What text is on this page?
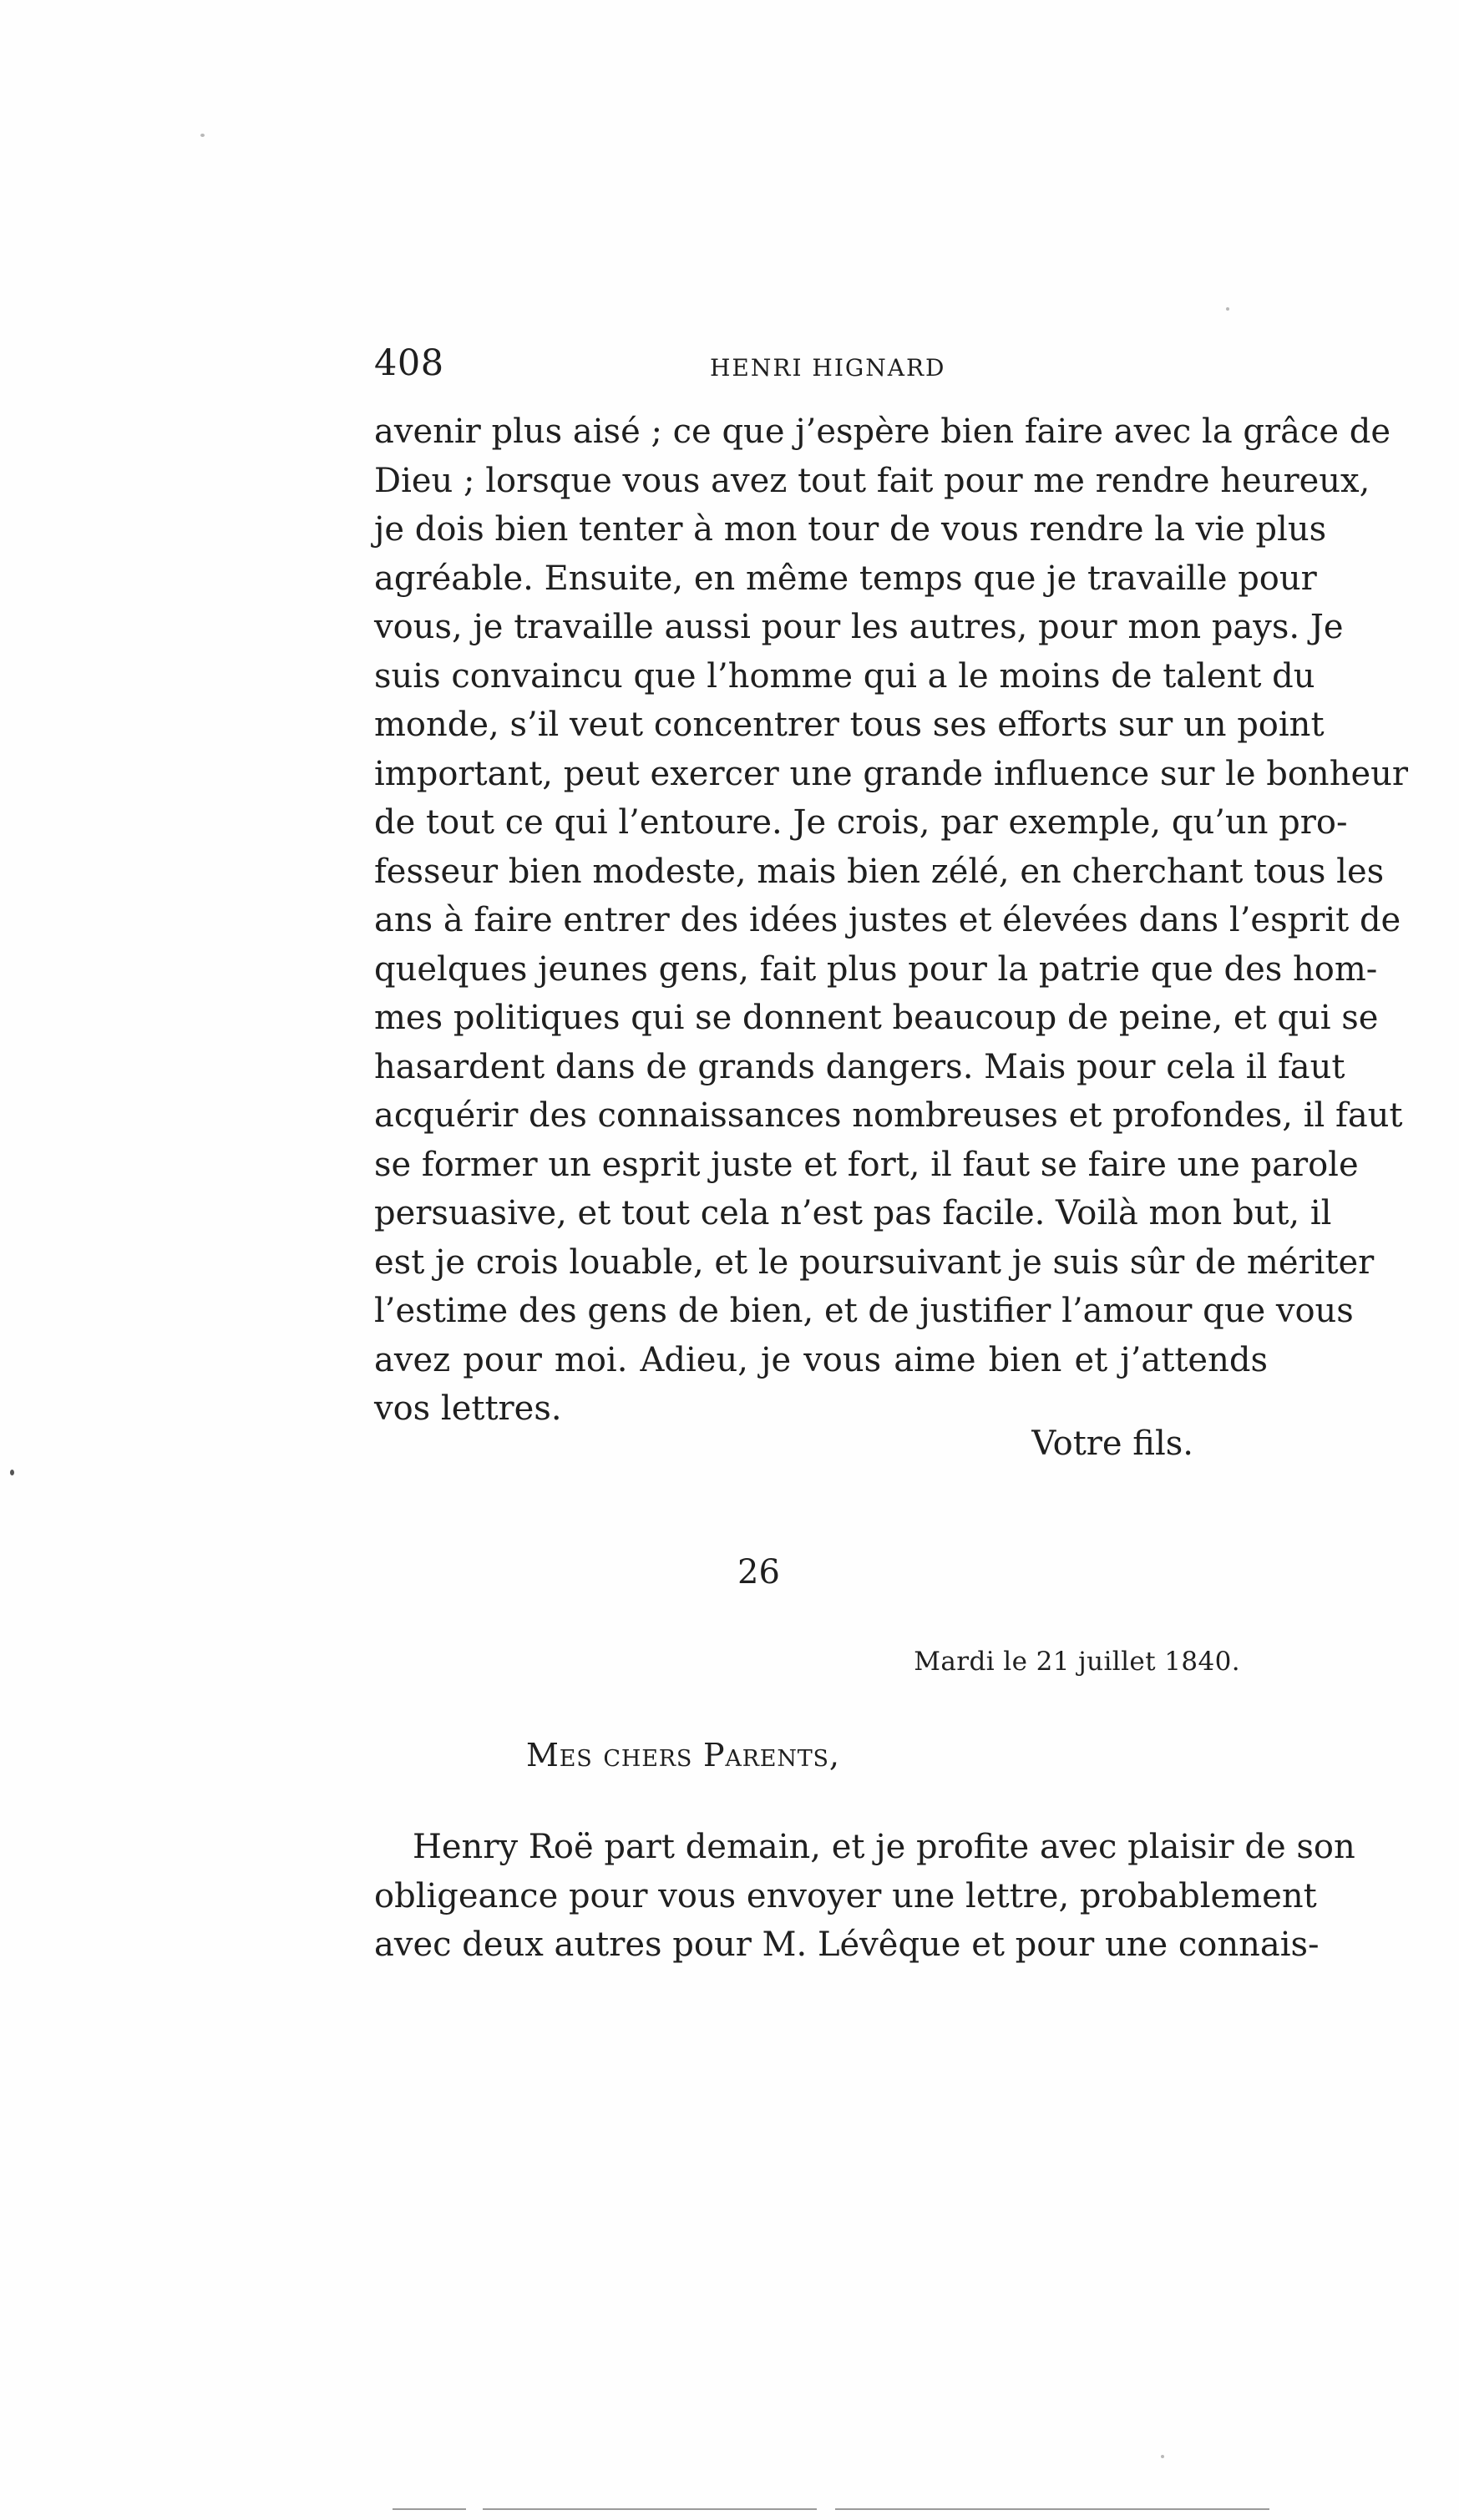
408	HENRI HIGNARD
avenir plus aisé ; ce que j’espère bien faire avec la grâce de
Dieu ; lorsque vous avez tout fait pour me rendre heureux,
je dois bien tenter à mon tour de vous rendre la vie plus
agréable. Ensuite, en même temps que je travaille pour
vous, je travaille aussi pour les autres, pour mon pays. Je
suis convaincu que l’homme qui a le moins de talent du
monde, s’il veut concentrer tous ses efforts sur un point
important, peut exercer une grande influence sur le bonheur
de tout ce qui l’entoure. Je crois, par exemple, qu’un pro-
fesseur bien modeste, mais bien zélé, en cherchant tous les
ans à faire entrer des idées justes et élevées dans l’esprit de
quelques jeunes gens, fait plus pour la patrie que des hom-
mes politiques qui se donnent beaucoup de peine, et qui se
hasardent dans de grands dangers. Mais pour cela il faut
acquérir des connaissances nombreuses et profondes, il faut
se former un esprit juste et fort, il faut se faire une parole
persuasive, et tout cela n’est pas facile. Voilà mon but, il
est je crois louable, et le poursuivant je suis sûr de mériter
l’estime des gens de bien, et de justifier l’amour que vous
avez pour moi. Adieu, je vous aime bien et j’attends
vos lettres.
Votre fils.
26
Mardi le 21 juillet 1840.
Mes chers Parents,
Henry Roë part demain, et je profite avec plaisir de son
obligeance pour vous envoyer une lettre, probablement
avec deux autres pour M. Lévêque et pour une connais-
